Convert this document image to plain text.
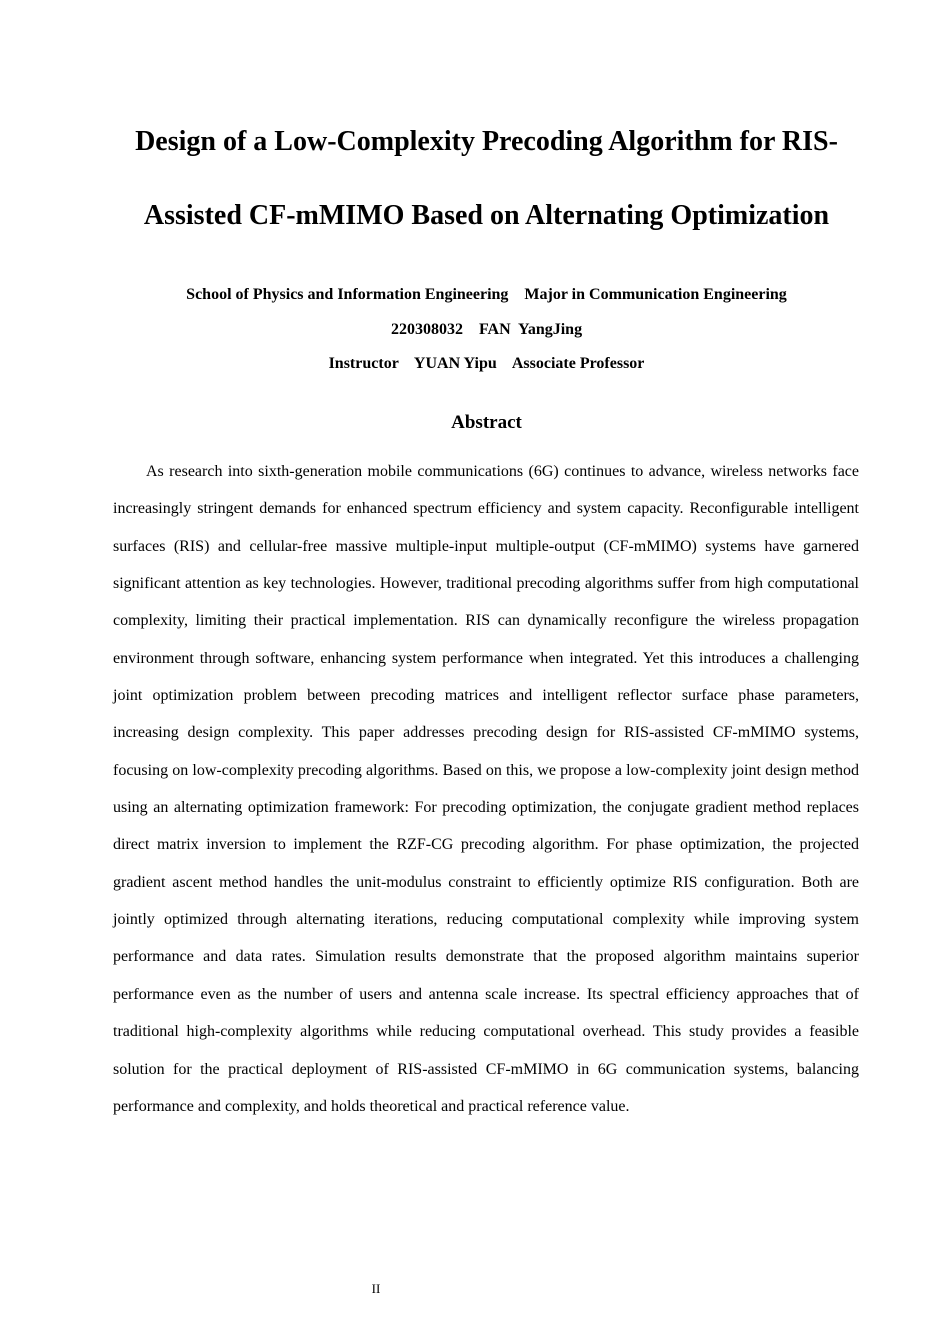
Design of a Low-Complexity Precoding Algorithm for RIS-
Assisted CF-mMIMO Based on Alternating Optimization
School of Physics and Information Engineering    Major in Communication Engineering
220308032    FAN  YangJing
Instructor    YUAN Yipu    Associate Professor
Abstract

As research into sixth-generation mobile communications (6G) continues to advance, wireless networks face increasingly stringent demands for enhanced spectrum efficiency and system capacity. Reconfigurable intelligent surfaces (RIS) and cellular-free massive multiple-input multiple-output (CF-mMIMO) systems have garnered significant attention as key technologies. However, traditional precoding algorithms suffer from high computational complexity, limiting their practical implementation. RIS can dynamically reconfigure the wireless propagation environment through software, enhancing system performance when integrated. Yet this introduces a challenging joint optimization problem between precoding matrices and intelligent reflector surface phase parameters, increasing design complexity. This paper addresses precoding design for RIS-assisted CF-mMIMO systems, focusing on low-complexity precoding algorithms. Based on this, we propose a low-complexity joint design method using an alternating optimization framework: For precoding optimization, the conjugate gradient method replaces direct matrix inversion to implement the RZF-CG precoding algorithm. For phase optimization, the projected gradient ascent method handles the unit-modulus constraint to efficiently optimize RIS configuration. Both are jointly optimized through alternating iterations, reducing computational complexity while improving system performance and data rates. Simulation results demonstrate that the proposed algorithm maintains superior performance even as the number of users and antenna scale increase. Its spectral efficiency approaches that of traditional high-complexity algorithms while reducing computational overhead. This study provides a feasible solution for the practical deployment of RIS-assisted CF-mMIMO in 6G communication systems, balancing performance and complexity, and holds theoretical and practical reference value.

II
